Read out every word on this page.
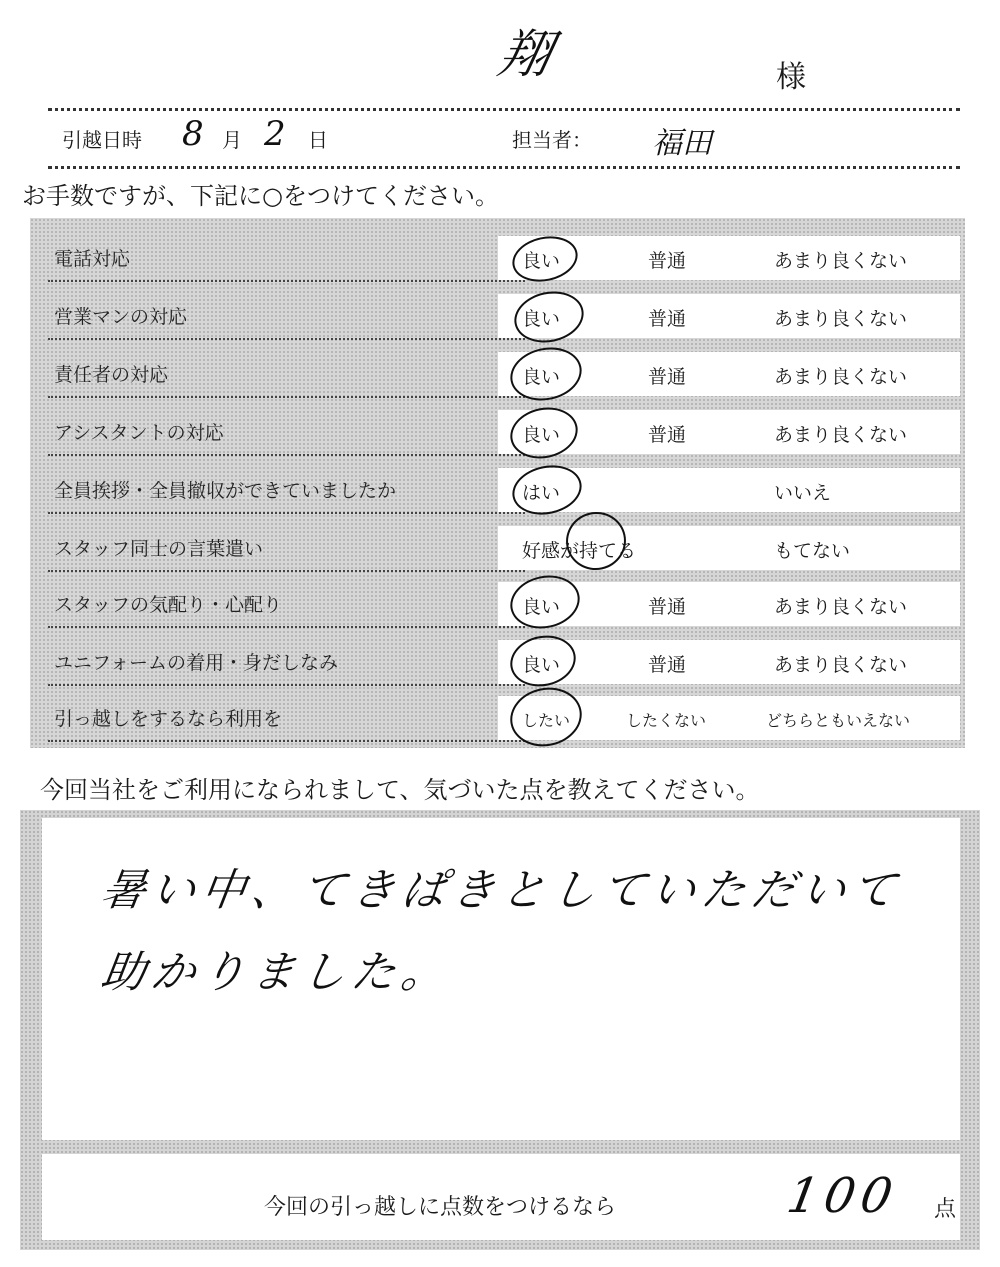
翔	様
引越日時 8 月 2 日	担当者： 福田
お手数ですが、下記に○をつけてください。
電話対応	良い	普通	あまり良くない
営業マンの対応	良い	普通	あまり良くない
責任者の対応	良い	普通	あまり良くない
アシスタントの対応	良い	普通	あまり良くない
全員挨拶・全員撤収ができていましたか	はい	いいえ
スタッフ同士の言葉遣い	好感が持てる	もてない
スタッフの気配り・心配り	良い	普通	あまり良くない
ユニフォームの着用・身だしなみ	良い	普通	あまり良くない
引っ越しをするなら利用を	したい	したくない	どちらともいえない
今回当社をご利用になられまして、気づいた点を教えてください。
暑い中、てきぱきとしていただいて
助かりました。
今回の引っ越しに点数をつけるなら	100 点
